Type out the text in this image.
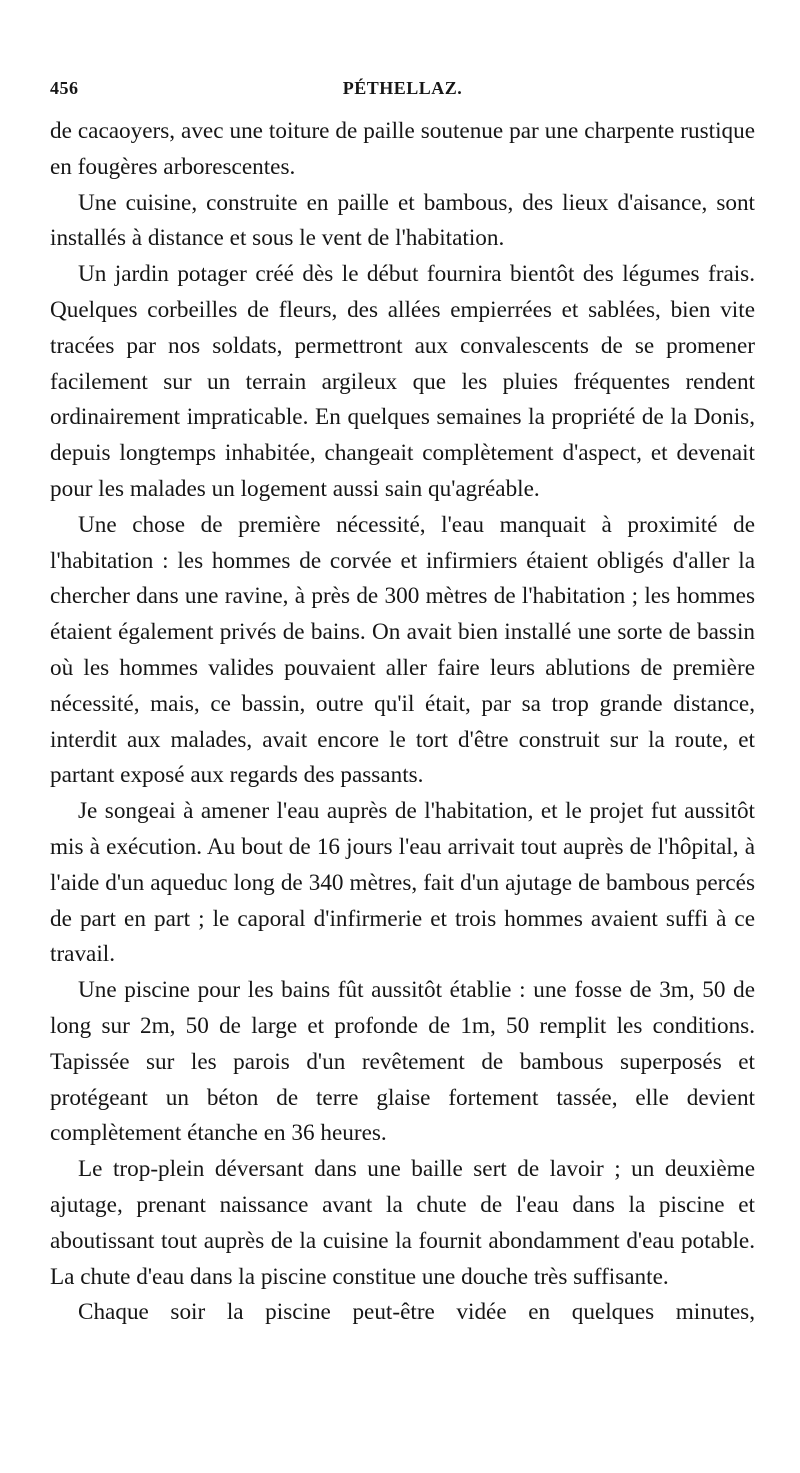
456	PÉTHELLAZ.

de cacaoyers, avec une toiture de paille soutenue par une charpente rustique en fougères arborescentes.

Une cuisine, construite en paille et bambous, des lieux d'aisance, sont installés à distance et sous le vent de l'habitation.

Un jardin potager créé dès le début fournira bientôt des légumes frais. Quelques corbeilles de fleurs, des allées empierrées et sablées, bien vite tracées par nos soldats, permettront aux convalescents de se promener facilement sur un terrain argileux que les pluies fréquentes rendent ordinairement impraticable. En quelques semaines la propriété de la Donis, depuis longtemps inhabitée, changeait complètement d'aspect, et devenait pour les malades un logement aussi sain qu'agréable.

Une chose de première nécessité, l'eau manquait à proximité de l'habitation : les hommes de corvée et infirmiers étaient obligés d'aller la chercher dans une ravine, à près de 300 mètres de l'habitation ; les hommes étaient également privés de bains. On avait bien installé une sorte de bassin où les hommes valides pouvaient aller faire leurs ablutions de première nécessité, mais, ce bassin, outre qu'il était, par sa trop grande distance, interdit aux malades, avait encore le tort d'être construit sur la route, et partant exposé aux regards des passants.

Je songeai à amener l'eau auprès de l'habitation, et le projet fut aussitôt mis à exécution. Au bout de 16 jours l'eau arrivait tout auprès de l'hôpital, à l'aide d'un aqueduc long de 340 mètres, fait d'un ajutage de bambous percés de part en part ; le caporal d'infirmerie et trois hommes avaient suffi à ce travail.

Une piscine pour les bains fût aussitôt établie : une fosse de 3m, 50 de long sur 2m, 50 de large et profonde de 1m, 50 remplit les conditions. Tapissée sur les parois d'un revêtement de bambous superposés et protégeant un béton de terre glaise fortement tassée, elle devient complètement étanche en 36 heures.

Le trop-plein déversant dans une baille sert de lavoir ; un deuxième ajutage, prenant naissance avant la chute de l'eau dans la piscine et aboutissant tout auprès de la cuisine la fournit abondamment d'eau potable. La chute d'eau dans la piscine constitue une douche très suffisante.

Chaque soir la piscine peut-être vidée en quelques minutes,
